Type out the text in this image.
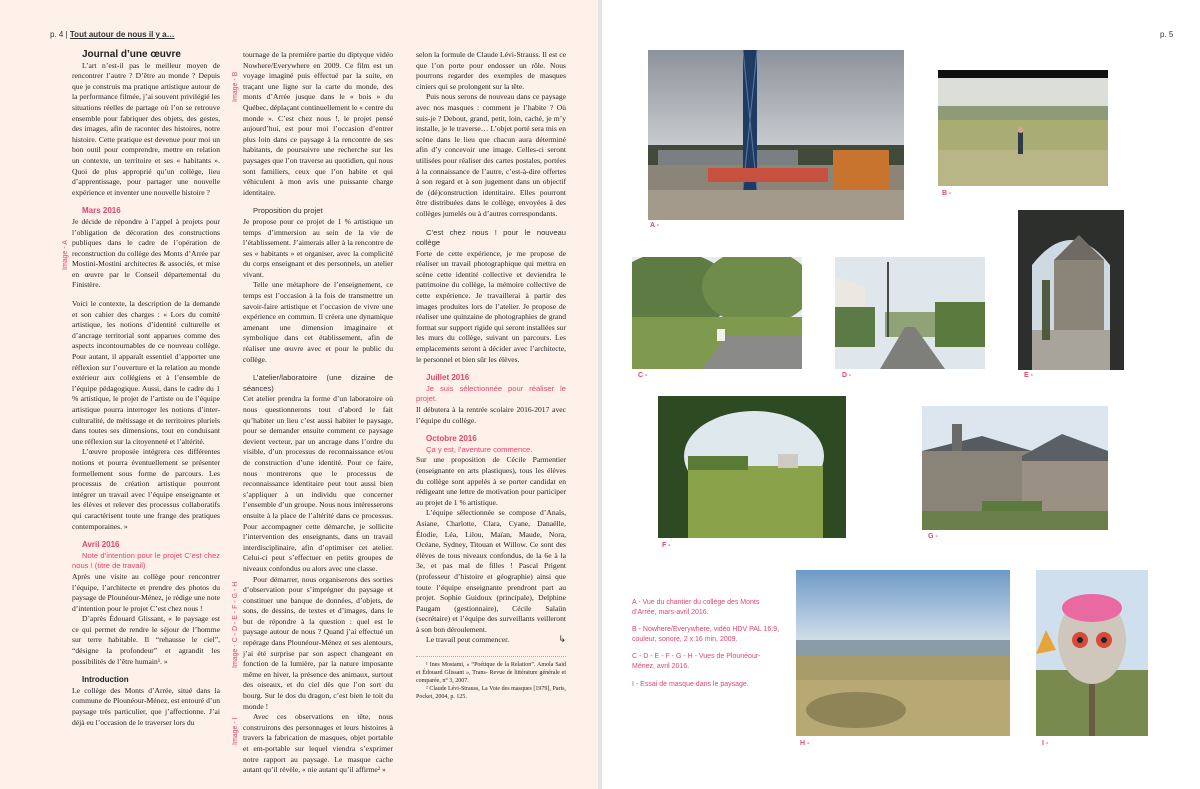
p. 4 | Tout autour de nous il y a…	p. 5
Image - A
Image - B
Image - C - D - E - F - G - H
Image - I

Journal d’une œuvre

L’art n’est-il pas le meilleur moyen de rencontrer l’autre ? D’être au monde ? Depuis que je construis ma pratique artistique autour de la performance filmée, j’ai souvent privilégié les situations réelles de partage où l’on se retrouve ensemble pour fabriquer des objets, des gestes, des images, afin de raconter des histoires, notre histoire. Cette pratique est devenue pour moi un bon outil pour comprendre, mettre en relation un contexte, un territoire et ses « habitants ». Quoi de plus approprié qu’un collège, lieu d’apprentissage, pour partager une nouvelle expérience et inventer une nouvelle histoire ?

Mars 2016

Je décide de répondre à l’appel à projets pour l’obligation de décoration des constructions publiques dans le cadre de l’opération de reconstruction du collège des Monts d’Arrée par Mostini-Mostini architectes & associés, et mise en œuvre par le Conseil départemental du Finistère.

Voici le contexte, la description de la demande et son cahier des charges : « Lors du comité artistique, les notions d’identité culturelle et d’ancrage territorial sont apparues comme des aspects incontournables de ce nouveau collège. Pour autant, il apparaît essentiel d’apporter une réflexion sur l’ouverture et la relation au monde extérieur aux collégiens et à l’ensemble de l’équipe pédagogique. Aussi, dans le cadre du 1 % artistique, le projet de l’artiste ou de l’équipe artistique pourra interroger les notions d’inter-culturalité, de métissage et de territoires pluriels dans toutes ses dimensions, tout en conduisant une réflexion sur la citoyenneté et l’altérité.

L’œuvre proposée intégrera ces différentes notions et pourra éventuellement se présenter formellement sous forme de parcours. Les processus de création artistique pourront intégrer un travail avec l’équipe enseignante et les élèves et relever des processus collaboratifs qui caractérisent toute une frange des pratiques contemporaines. »

Avril 2016

Note d’intention pour le projet C’est chez nous ! (titre de travail)

Après une visite au collège pour rencontrer l’équipe, l’architecte et prendre des photos du paysage de Plounéour-Ménez, je rédige une note d’intention pour le projet C’est chez nous !

D’après Édouard Glissant, « le paysage est ce qui permet de rendre le séjour de l’homme sur terre habitable. Il “rehausse le ciel”, “désigne la profondeur” et agrandit les possibilités de l’être humain¹. »

Introduction

Le collège des Monts d’Arrée, situé dans la commune de Plounéour-Ménez, est entouré d’un paysage très particulier, que j’affectionne. J’ai déjà eu l’occasion de le traverser lors du

tournage de la première partie du diptyque vidéo Nowhere/Everywhere en 2009. Ce film est un voyage imaginé puis effectué par la suite, en traçant une ligne sur la carte du monde, des monts d’Arrée jusque dans le « bois » du Québec, déplaçant continuellement le « centre du monde ». C’est chez nous !, le projet pensé aujourd’hui, est pour moi l’occasion d’entrer plus loin dans ce paysage à la rencontre de ses habitants, de poursuivre une recherche sur les paysages que l’on traverse au quotidien, qui nous sont familiers, ceux que l’on habite et qui véhiculent à mon avis une puissante charge identitaire.

Proposition du projet

Je propose pour ce projet de 1 % artistique un temps d’immersion au sein de la vie de l’établissement. J’aimerais aller à la rencontre de ses « habitants » et organiser, avec la complicité du corps enseignant et des personnels, un atelier vivant.

Telle une métaphore de l’enseignement, ce temps est l’occasion à la fois de transmettre un savoir-faire artistique et l’occasion de vivre une expérience en commun. Il créera une dynamique amenant une dimension imaginaire et symbolique dans cet établissement, afin de réaliser une œuvre avec et pour le public du collège.

L’atelier/laboratoire (une dizaine de séances)

Cet atelier prendra la forme d’un laboratoire où nous questionnerons tout d’abord le fait qu’habiter un lieu c’est aussi habiter le paysage, pour se demander ensuite comment ce paysage devient vecteur, par un ancrage dans l’ordre du visible, d’un processus de reconnaissance et/ou de construction d’une identité. Pour ce faire, nous montrerons que le processus de reconnaissance identitaire peut tout aussi bien s’appliquer à un individu que concerner l’ensemble d’un groupe. Nous nous intéresserons ensuite à la place de l’altérité dans ce processus. Pour accompagner cette démarche, je sollicite l’intervention des enseignants, dans un travail interdisciplinaire, afin d’optimiser cet atelier. Celui-ci peut s’effectuer en petits groupes de niveaux confondus ou alors avec une classe.

Pour démarrer, nous organiserons des sorties d’observation pour s’imprégner du paysage et constituer une banque de données, d’objets, de sons, de dessins, de textes et d’images, dans le but de répondre à la question : quel est le paysage autour de nous ? Quand j’ai effectué un repérage dans Plounéour-Ménez et ses alentours, j’ai été surprise par son aspect changeant en fonction de la lumière, par la nature imposante même en hiver, la présence des animaux, surtout des oiseaux, et du ciel dès que l’on sort du bourg. Sur le dos du dragon, c’est bien le toit du monde !

Avec ces observations en tête, nous construirons des personnages et leurs histoires à travers la fabrication de masques, objet portable et em-portable sur lequel viendra s’exprimer notre rapport au paysage. Le masque cache autant qu’il révèle, « nie autant qu’il affirme² »

selon la formule de Claude Lévi-Strauss. Il est ce que l’on porte pour endosser un rôle. Nous pourrons regarder des exemples de masques ciniers qui se prolongent sur la tête.

Puis nous serons de nouveau dans ce paysage avec nos masques : comment je l’habite ? Où suis-je ? Debout, grand, petit, loin, caché, je m’y installe, je le traverse… L’objet porté sera mis en scène dans le lieu que chacun aura déterminé afin d’y concevoir une image. Celles-ci seront utilisées pour réaliser des cartes postales, portées à la connaissance de l’autre, c’est-à-dire offertes à son regard et à son jugement dans un objectif de (dé)construction identitaire. Elles pourront être distribuées dans le collège, envoyées à des collèges jumelés ou à d’autres correspondants.

C’est chez nous ! pour le nouveau collège

Forte de cette expérience, je me propose de réaliser un travail photographique qui mettra en scène cette identité collective et deviendra le patrimoine du collège, la mémoire collective de cette expérience. Je travaillerai à partir des images produites lors de l’atelier. Je propose de réaliser une quinzaine de photographies de grand format sur support rigide qui seront installées sur les murs du collège, suivant un parcours. Les emplacements seront à décider avec l’architecte, le personnel et bien sûr les élèves.

Juillet 2016

Je suis sélectionnée pour réaliser le projet.

Il débutera à la rentrée scolaire 2016-2017 avec l’équipe du collège.

Octobre 2016

Ça y est, l’aventure commence.

Sur une proposition de Cécile Parmentier (enseignante en arts plastiques), tous les élèves du collège sont appelés à se porter candidat en rédigeant une lettre de motivation pour participer au projet de 1 % artistique.

L’équipe sélectionnée se compose d’Anaïs, Asiane, Charlotte, Clara, Cyane, Danaëlle, Élodie, Léa, Lilou, Maïan, Maude, Nora, Océane, Sydney, Titouan et Willow. Ce sont des élèves de tous niveaux confondus, de la 6e à la 3e, et pas mal de filles ! Pascal Prigent (professeur d’histoire et géographie) ainsi que toute l’équipe enseignante prendront part au projet. Sophie Guidoux (principale), Delphine Paugam (gestionnaire), Cécile Salaün (secrétaire) et l’équipe des surveillants veilleront à son bon déroulement.

Le travail peut commencer.	↳

¹ Ines Mostami, « “Poétique de la Relation”. Amola Said et Édouard Glissant », Trans- Revue de littérature générale et comparée, n° 3, 2007.

² Claude Lévi-Strauss, La Voie des masques [1979], Paris, Pocket, 2004, p. 125.

A -
B -
C -	D -	E -
F -
G -
H -	I -

A - Vue du chantier du collège des Monts d’Arrée, mars-avril 2016.

B - Nowhere/Everywhere, vidéo HDV PAL 16:9, couleur, sonore, 2 x 16 min, 2009.

C - D - E - F - G - H - Vues de Plounéour-Ménez, avril 2016.

I - Essai de masque dans le paysage.
